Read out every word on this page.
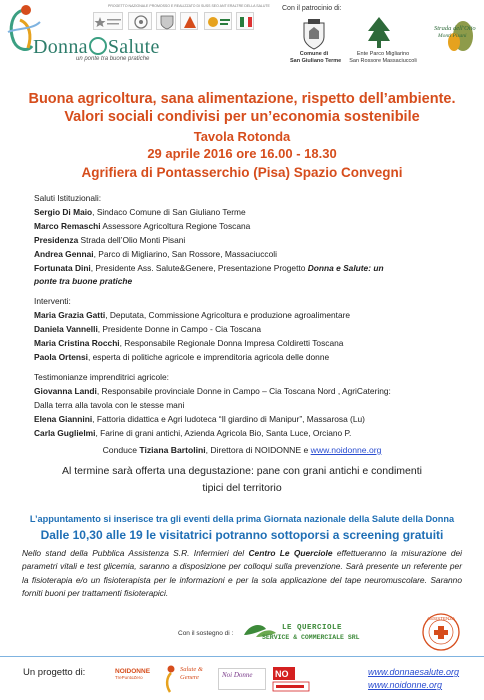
Donna Salute
un ponte tra buone pratiche
PROGETTO NAZIONALE PROMOSSO E REALIZZATO DI SUSS SEO ANT ERALTRE DELLA SALUTE Con il patrocinio di:
Comune di
San Giuliano Terme
Ente Parco Migliarino
San Rossore Massaciuccoli
Strada dell'Olio
Monti Pisani
Buona agricoltura, sana alimentazione, rispetto dell’ambiente.
Valori sociali condivisi per un’economia sostenibile
Tavola Rotonda
29 aprile 2016 ore 16.00 - 18.30
Agrifiera di Pontasserchio (Pisa) Spazio Convegni
Saluti Istituzionali:
Sergio Di Maio, Sindaco Comune di San Giuliano Terme
Marco Remaschi Assessore Agricoltura Regione Toscana
Presidenza Strada dell’Olio Monti Pisani
Andrea Gennai, Parco di Migliarino, San Rossore, Massaciuccoli
Fortunata Dini, Presidente Ass. Salute&Genere, Presentazione Progetto Donna e Salute: un
ponte tra buone pratiche
Interventi:
Maria Grazia Gatti, Deputata, Commissione Agricoltura e produzione agroalimentare
Daniela Vannelli, Presidente Donne in Campo - Cia Toscana
Maria Cristina Rocchi, Responsabile Regionale Donna Impresa Coldiretti Toscana
Paola Ortensi, esperta di politiche agricole e imprenditoria agricola delle donne
Testimonianze imprenditrici agricole:
Giovanna Landi, Responsabile provinciale Donne in Campo – Cia Toscana Nord , AgriCatering:
Dalla terra alla tavola con le stesse mani
Elena Giannini, Fattoria didattica e Agri ludoteca “Il giardino di Manipur”, Massarosa (Lu)
Carla Guglielmi, Farine di grani antichi, Azienda Agricola Bio, Santa Luce, Orciano P.
Conduce Tiziana Bartolini, Direttora di NOIDONNE e www.noidonne.org
Al termine sarà offerta una degustazione: pane con grani antichi e condimenti
tipici del territorio
L’appuntamento si inserisce tra gli eventi della prima Giornata nazionale della Salute della Donna
Dalle 10,30 alle 19 le visitatrici potranno sottoporsi a screening gratuiti
Nello stand della Pubblica Assistenza S.R. Infermieri del Centro Le Querciole effettueranno la misurazione dei parametri vitali e test glicemia, saranno a disposizione per colloqui sulla prevenzione. Sarà presente un referente per la fisioterapia e/o un fisioterapista per le informazioni e per la sola applicazione del tape neuromuscolare. Saranno forniti buoni per trattamenti fisioterapici.
Con il sostegno di :
LE QUERCIOLE
SERVICE & COMMERCIALE SRL
ASSISTENZA
Un progetto di:	NOIDONNE
TrePuntoZero
Salute & Genere	Noi Donne	NO	www.donnaesalute.org
www.noidonne.org
